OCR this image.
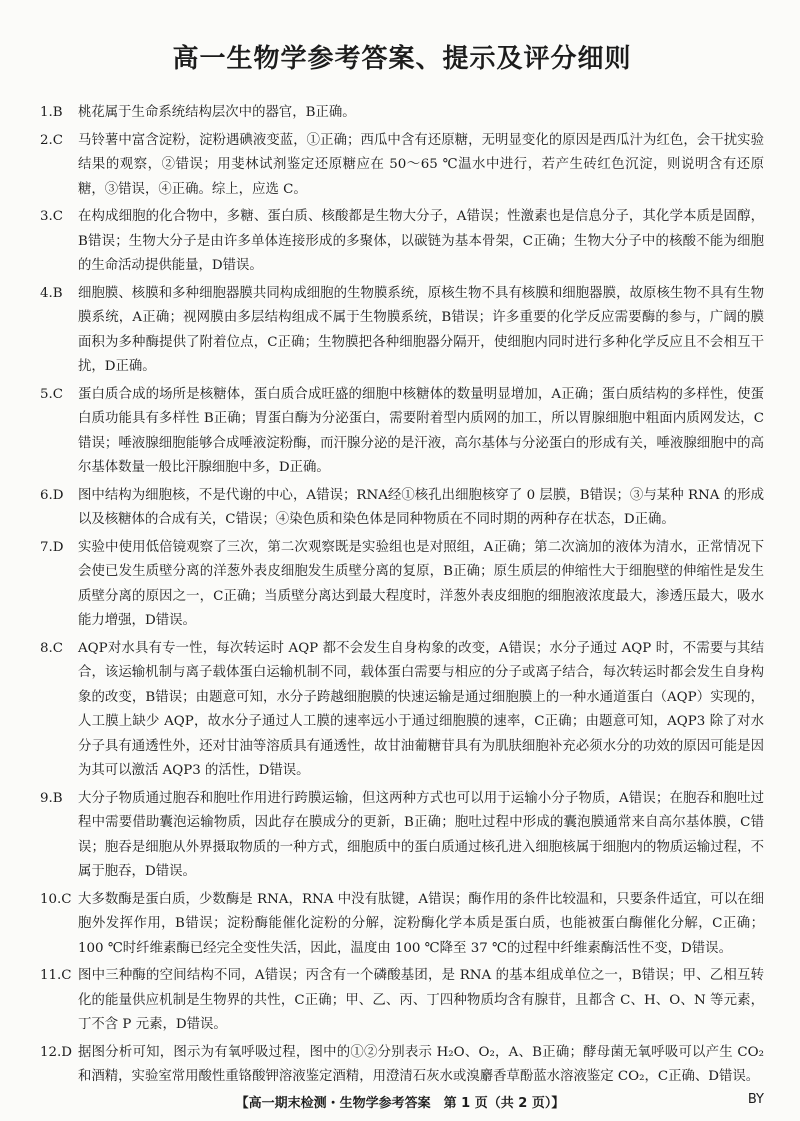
高一生物学参考答案、提示及评分细则
1.B	桃花属于生命系统结构层次中的器官，B正确。
2.C	马铃薯中富含淀粉，淀粉遇碘液变蓝，①正确；西瓜中含有还原糖，无明显变化的原因是西瓜汁为红色，会干扰实验结果的观察，②错误；用斐林试剂鉴定还原糖应在 50～65 ℃温水中进行，若产生砖红色沉淀，则说明含有还原糖，③错误，④正确。综上，应选 C。
3.C	在构成细胞的化合物中，多糖、蛋白质、核酸都是生物大分子，A错误；性激素也是信息分子，其化学本质是固醇，B错误；生物大分子是由许多单体连接形成的多聚体，以碳链为基本骨架，C正确；生物大分子中的核酸不能为细胞的生命活动提供能量，D错误。
4.B	细胞膜、核膜和多种细胞器膜共同构成细胞的生物膜系统，原核生物不具有核膜和细胞器膜，故原核生物不具有生物膜系统，A正确；视网膜由多层结构组成不属于生物膜系统，B错误；许多重要的化学反应需要酶的参与，广阔的膜面积为多种酶提供了附着位点，C正确；生物膜把各种细胞器分隔开，使细胞内同时进行多种化学反应且不会相互干扰，D正确。
5.C	蛋白质合成的场所是核糖体，蛋白质合成旺盛的细胞中核糖体的数量明显增加，A正确；蛋白质结构的多样性，使蛋白质功能具有多样性 B正确；胃蛋白酶为分泌蛋白，需要附着型内质网的加工，所以胃腺细胞中粗面内质网发达，C错误；唾液腺细胞能够合成唾液淀粉酶，而汗腺分泌的是汗液，高尔基体与分泌蛋白的形成有关，唾液腺细胞中的高尔基体数量一般比汗腺细胞中多，D正确。
6.D	图中结构为细胞核，不是代谢的中心，A错误；RNA经①核孔出细胞核穿了 0 层膜，B错误；③与某种 RNA 的形成以及核糖体的合成有关，C错误；④染色质和染色体是同种物质在不同时期的两种存在状态，D正确。
7.D	实验中使用低倍镜观察了三次，第二次观察既是实验组也是对照组，A正确；第二次滴加的液体为清水，正常情况下会使已发生质壁分离的洋葱外表皮细胞发生质壁分离的复原，B正确；原生质层的伸缩性大于细胞壁的伸缩性是发生质壁分离的原因之一，C正确；当质壁分离达到最大程度时，洋葱外表皮细胞的细胞液浓度最大，渗透压最大，吸水能力增强，D错误。
8.C	AQP对水具有专一性，每次转运时 AQP 都不会发生自身构象的改变，A错误；水分子通过 AQP 时，不需要与其结合，该运输机制与离子载体蛋白运输机制不同，载体蛋白需要与相应的分子或离子结合，每次转运时都会发生自身构象的改变，B错误；由题意可知，水分子跨越细胞膜的快速运输是通过细胞膜上的一种水通道蛋白（AQP）实现的，人工膜上缺少 AQP，故水分子通过人工膜的速率远小于通过细胞膜的速率，C正确；由题意可知，AQP3 除了对水分子具有通透性外，还对甘油等溶质具有通透性，故甘油葡糖苷具有为肌肤细胞补充必须水分的功效的原因可能是因为其可以激活 AQP3 的活性，D错误。
9.B	大分子物质通过胞吞和胞吐作用进行跨膜运输，但这两种方式也可以用于运输小分子物质，A错误；在胞吞和胞吐过程中需要借助囊泡运输物质，因此存在膜成分的更新，B正确；胞吐过程中形成的囊泡膜通常来自高尔基体膜，C错误；胞吞是细胞从外界摄取物质的一种方式，细胞质中的蛋白质通过核孔进入细胞核属于细胞内的物质运输过程，不属于胞吞，D错误。
10.C 大多数酶是蛋白质，少数酶是 RNA，RNA 中没有肽键，A错误；酶作用的条件比较温和，只要条件适宜，可以在细胞外发挥作用，B错误；淀粉酶能催化淀粉的分解，淀粉酶化学本质是蛋白质，也能被蛋白酶催化分解，C正确；100 ℃时纤维素酶已经完全变性失活，因此，温度由 100 ℃降至 37 ℃的过程中纤维素酶活性不变，D错误。
11.C 图中三种酶的空间结构不同，A错误；丙含有一个磷酸基团，是 RNA 的基本组成单位之一，B错误；甲、乙相互转化的能量供应机制是生物界的共性，C正确；甲、乙、丙、丁四种物质均含有腺苷，且都含 C、H、O、N 等元素，丁不含 P 元素，D错误。
12.D 据图分析可知，图示为有氧呼吸过程，图中的①②分别表示 H₂O、O₂，A、B正确；酵母菌无氧呼吸可以产生 CO₂ 和酒精，实验室常用酸性重铬酸钾溶液鉴定酒精，用澄清石灰水或溴麝香草酚蓝水溶液鉴定 CO₂，C正确、D错误。
【高一期末检测・生物学参考答案　第 1 页（共 2 页）】	BY
